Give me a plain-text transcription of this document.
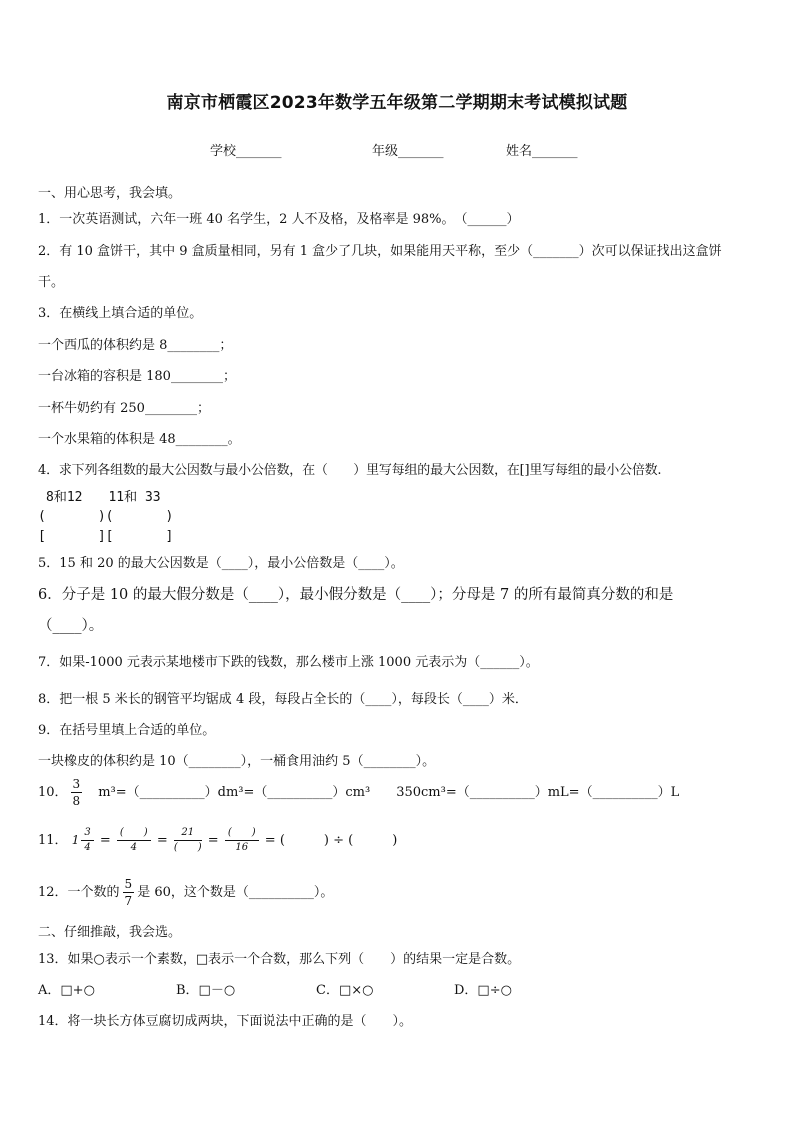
南京市栖霞区2023年数学五年级第二学期期末考试模拟试题
学校_______	年级_______	姓名_______
一、用心思考，我会填。
1．一次英语测试，六年一班 40 名学生，2 人不及格，及格率是 98%。　（______）
2．有 10 盒饼干，其中 9 盒质量相同，另有 1 盒少了几块，如果能用天平称，至少（_______）次可以保证找出这盒饼
干。
3．在横线上填合适的单位。
一个西瓜的体积约是 8________；
一台冰箱的容积是 180________；
一杯牛奶约有 250________；
一个水果箱的体积是 48________。
4．求下列各组数的最大公因数与最小公倍数，在（　　）里写每组的最大公因数，在[]里写每组的最小公倍数.
8和12　　11和 33
(　　　　)(　　　　)
[　　　　][　　　　]
5．15 和 20 的最大公因数是（____），最小公倍数是（____）。
6．分子是 10 的最大假分数是（____），最小假分数是（____）；分母是 7 的所有最简真分数的和是
（____）。
7．如果-1000 元表示某地楼市下跌的钱数，那么楼市上涨 1000 元表示为（______）。
8．把一根 5 米长的钢管平均锯成 4 段，每段占全长的（____），每段长（____）米．
9．在括号里填上合适的单位。
一块橡皮的体积约是 10（________），一桶食用油约 5（________）。
10． $\frac{3}{8}$ 　m³=（__________）dm³=（__________）cm³　　350cm³=（__________）mL=（__________）L
11． $1 \frac{3}{4}$ =
(　　)
4	=
21
(　　) =
(　　)
16	= (　　　) ÷ (　　　)
12．一个数的 $\frac{5}{7}$ 是 60，这个数是（__________）。
二、仔细推敲，我会选。
13．如果○表示一个素数，□表示一个合数，那么下列（　　）的结果一定是合数。
A．□+○	B．□－○	C．□×○	D．□÷○
14．将一块长方体豆腐切成两块，下面说法中正确的是（　　）。
